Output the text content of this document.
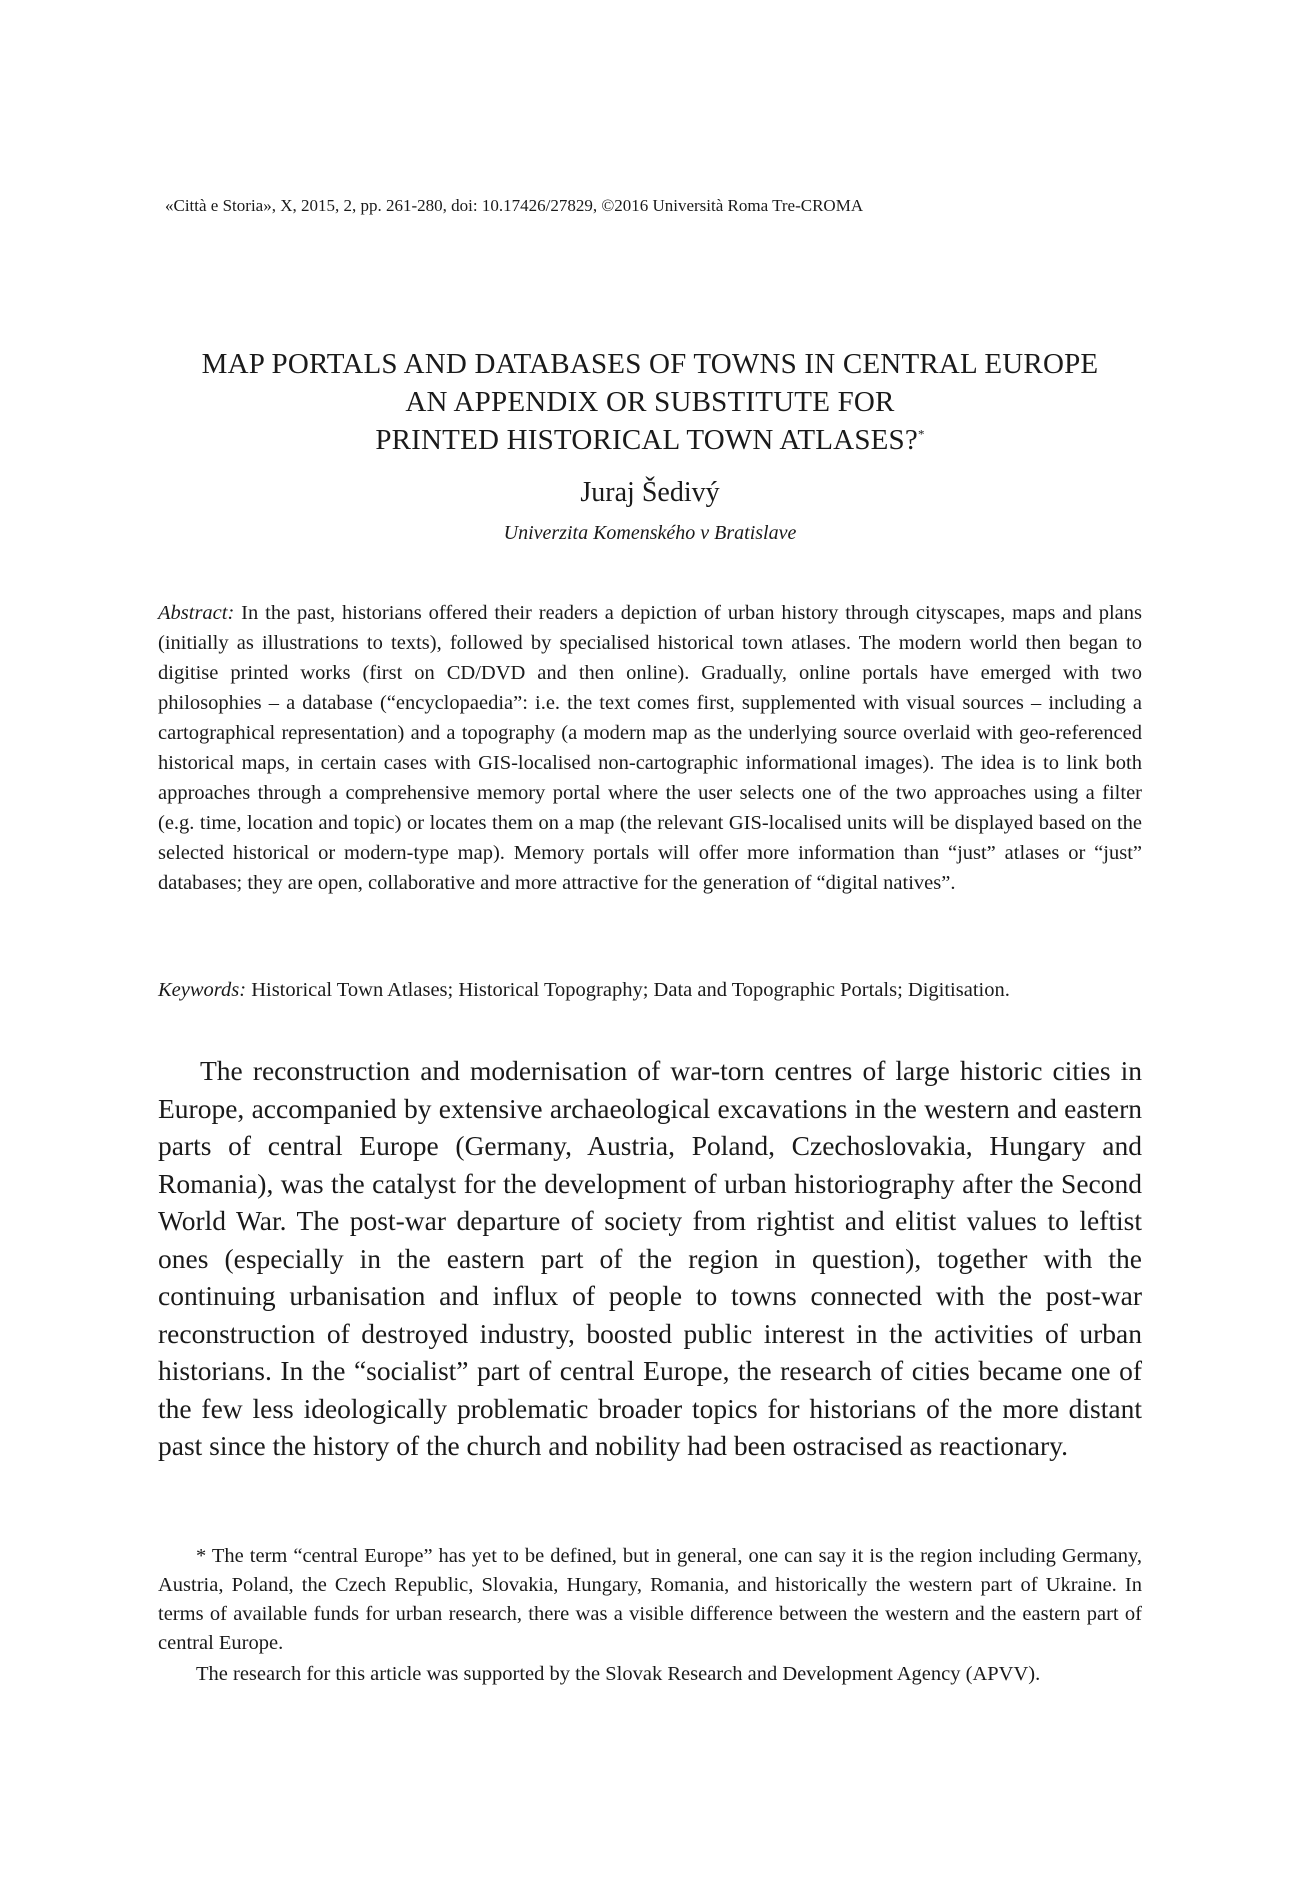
«Città e Storia», X, 2015, 2, pp. 261-280, doi: 10.17426/27829, ©2016 Università Roma Tre-CROMA
MAP PORTALS AND DATABASES OF TOWNS IN CENTRAL EUROPE
AN APPENDIX OR SUBSTITUTE FOR
PRINTED HISTORICAL TOWN ATLASES?*
Juraj Šedivý
Univerzita Komenského v Bratislave
Abstract: In the past, historians offered their readers a depiction of urban history through cityscapes, maps and plans (initially as illustrations to texts), followed by specialised historical town atlases. The modern world then began to digitise printed works (first on CD/DVD and then online). Gradually, online portals have emerged with two philosophies – a database (“encyclopaedia”: i.e. the text comes first, supplemented with visual sources – including a cartographical representation) and a topography (a modern map as the underlying source overlaid with geo-referenced historical maps, in certain cases with GIS-localised non-cartographic informational images). The idea is to link both approaches through a comprehensive memory portal where the user selects one of the two approaches using a filter (e.g. time, location and topic) or locates them on a map (the relevant GIS-localised units will be displayed based on the selected historical or modern-type map). Memory portals will offer more information than “just” atlases or “just” databases; they are open, collaborative and more attractive for the generation of “digital natives”.
Keywords: Historical Town Atlases; Historical Topography; Data and Topographic Portals; Digitisation.
The reconstruction and modernisation of war-torn centres of large historic cities in Europe, accompanied by extensive archaeological excavations in the western and eastern parts of central Europe (Germany, Austria, Poland, Czechoslovakia, Hungary and Romania), was the catalyst for the development of urban historiography after the Second World War. The post-war departure of society from rightist and elitist values to leftist ones (especially in the eastern part of the region in question), together with the continuing urbanisation and influx of people to towns connected with the post-war reconstruction of destroyed industry, boosted public interest in the activities of urban historians. In the “socialist” part of central Europe, the research of cities became one of the few less ideologically problematic broader topics for historians of the more distant past since the history of the church and nobility had been ostracised as reactionary.

* The term “central Europe” has yet to be defined, but in general, one can say it is the region including Germany, Austria, Poland, the Czech Republic, Slovakia, Hungary, Romania, and historically the western part of Ukraine. In terms of available funds for urban research, there was a visible difference between the western and the eastern part of central Europe.

The research for this article was supported by the Slovak Research and Development Agency (APVV).
